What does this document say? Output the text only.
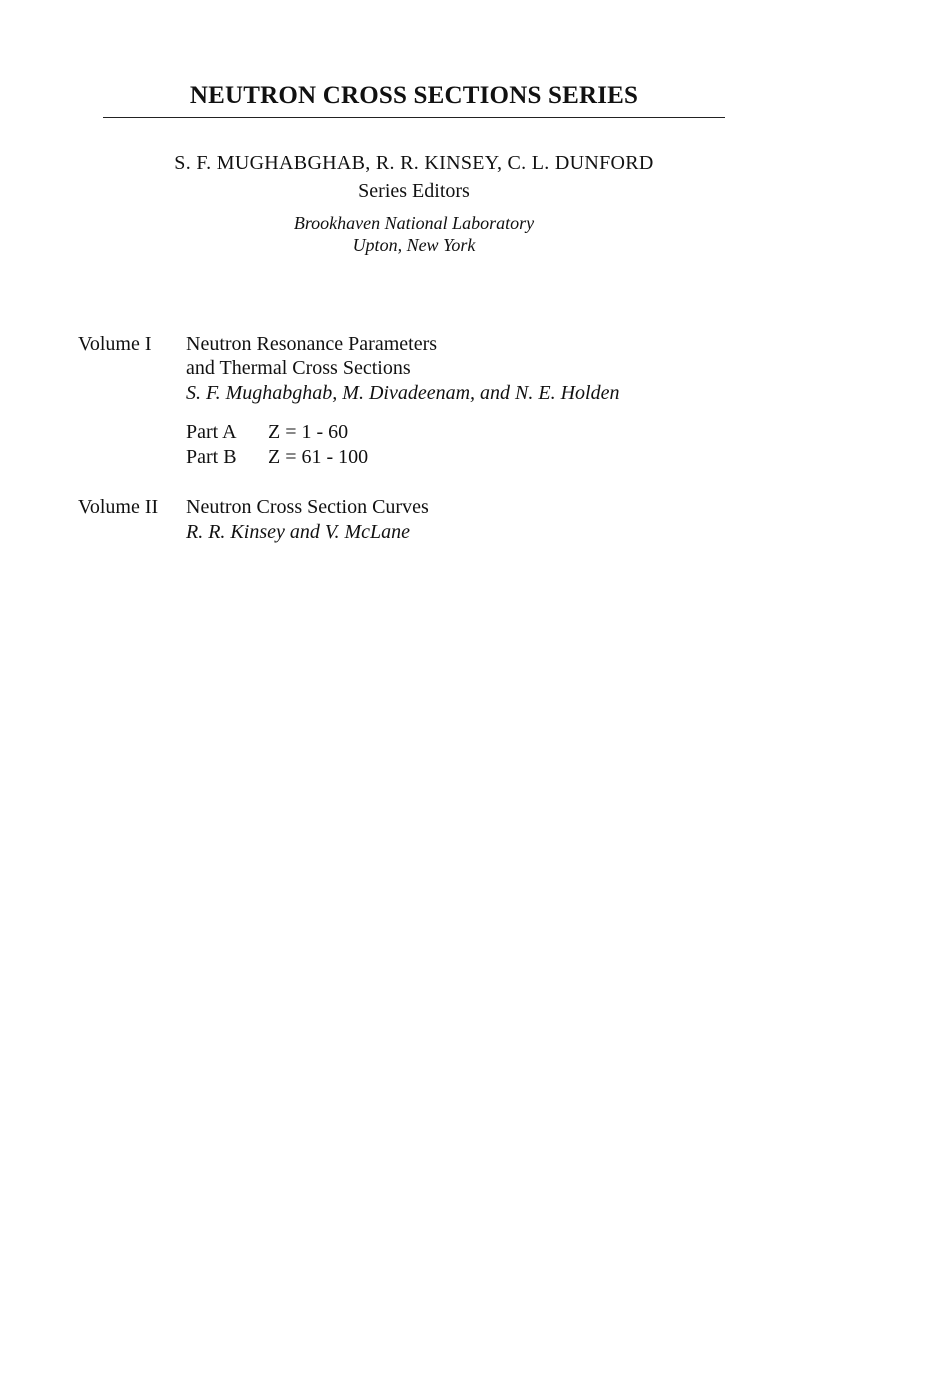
NEUTRON CROSS SECTIONS SERIES
S. F. MUGHABGHAB, R. R. KINSEY, C. L. DUNFORD
Series Editors
Brookhaven National Laboratory
Upton, New York
Volume I Neutron Resonance Parameters
and Thermal Cross Sections
S. F. Mughabghab, M. Divadeenam, and N. E. Holden
Part A Z = 1 - 60
Part B Z = 61 - 100
Volume II Neutron Cross Section Curves
R. R. Kinsey and V. McLane
